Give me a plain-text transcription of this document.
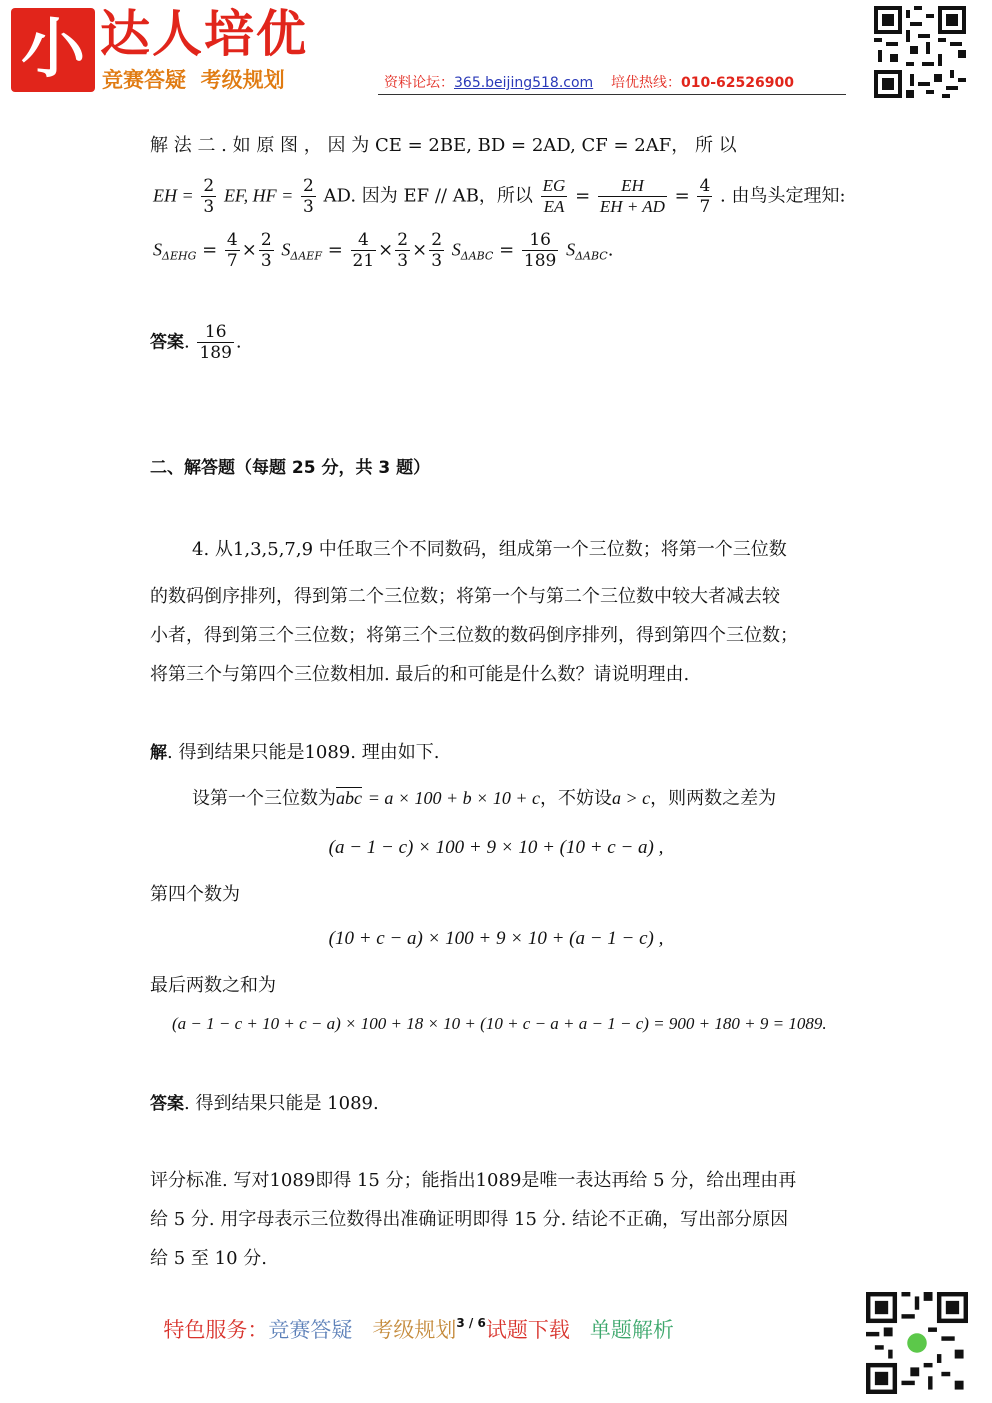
小 达人培优
竞赛答疑  考级规划	资料论坛：365.beijing518.com 培优热线：010-62526900
解 法 二 . 如 原 图 ， 因 为 CE = 2BE, BD = 2AD, CF = 2AF， 所 以
EH = $\frac{2}{3}$ EF, HF = $\frac{2}{3}$ AD. 因为 EF // AB，所以 $\frac{EG}{EA} = \frac{EH}{EH + AD} = \frac{4}{7}$ . 由鸟头定理知:
$S_{\Delta EHG} = \frac{4}{7} \times \frac{2}{3} S_{\Delta AEF} = \frac{4}{21} \times \frac{2}{3} \times \frac{2}{3} S_{\Delta ABC} = \frac{16}{189} S_{\Delta ABC}$.
答案. $\frac{16}{189}$ .
二、解答题（每题 25 分，共 3 题）
4. 从1,3,5,7,9 中任取三个不同数码，组成第一个三位数；将第一个三位数
的数码倒序排列，得到第二个三位数；将第一个与第二个三位数中较大者减去较
小者，得到第三个三位数；将第三个三位数的数码倒序排列，得到第四个三位数；
将第三个与第四个三位数相加. 最后的和可能是什么数？请说明理由.
解. 得到结果只能是1089. 理由如下.
设第一个三位数为$\overline{abc} = a \times 100 + b \times 10 + c$，不妨设a > c，则两数之差为
(a − 1 − c) × 100 + 9 × 10 + (10 + c − a) ,
第四个数为
(10 + c − a) × 100 + 9 × 10 + (a − 1 − c) ,
最后两数之和为
(a − 1 − c + 10 + c − a) × 100 + 18 × 10 + (10 + c − a + a − 1 − c) = 900 + 180 + 9 = 1089.
答案. 得到结果只能是 1089.
评分标准. 写对1089即得 15 分；能指出1089是唯一表达再给 5 分，给出理由再
给 5 分. 用字母表示三位数得出准确证明即得 15 分. 结论不正确，写出部分原因
给 5 至 10 分.

特色服务：竞赛答疑 考级规划$^{3 / 6}$试题下载 单题解析
